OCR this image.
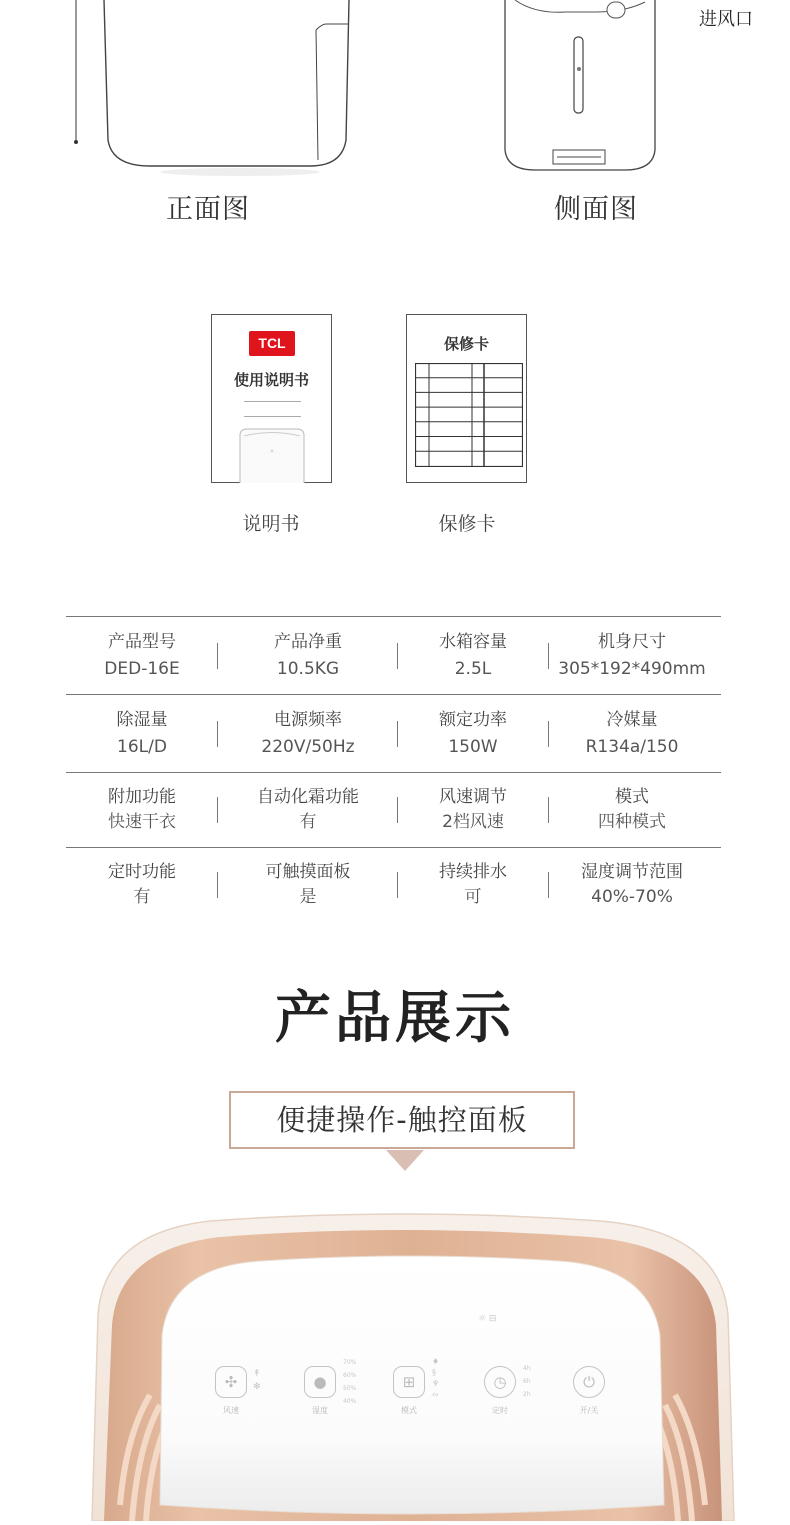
正面图	侧面图
进风口
TCL
使用说明书
说明书
保修卡
保修卡
产品型号
DED-16E
产品净重
10.5KG
水箱容量
2.5L
机身尺寸
305*192*490mm
除湿量
16L/D
电源频率
220V/50Hz
额定功率
150W
冷媒量
R134a/150
附加功能
快速干衣
自动化霜功能
有
风速调节
2档风速
模式
四种模式
定时功能
有
可触摸面板
是
持续排水
可
湿度调节范围
40%-70%
产品展示
便捷操作-触控面板
☼ ⊟
✣
风速
↟
✻	●
湿度
70%
60%
50%
40%
⊞
模式
♦
§
♆
∾
◷
定时
4h
6h
2h
⏻
开/关
